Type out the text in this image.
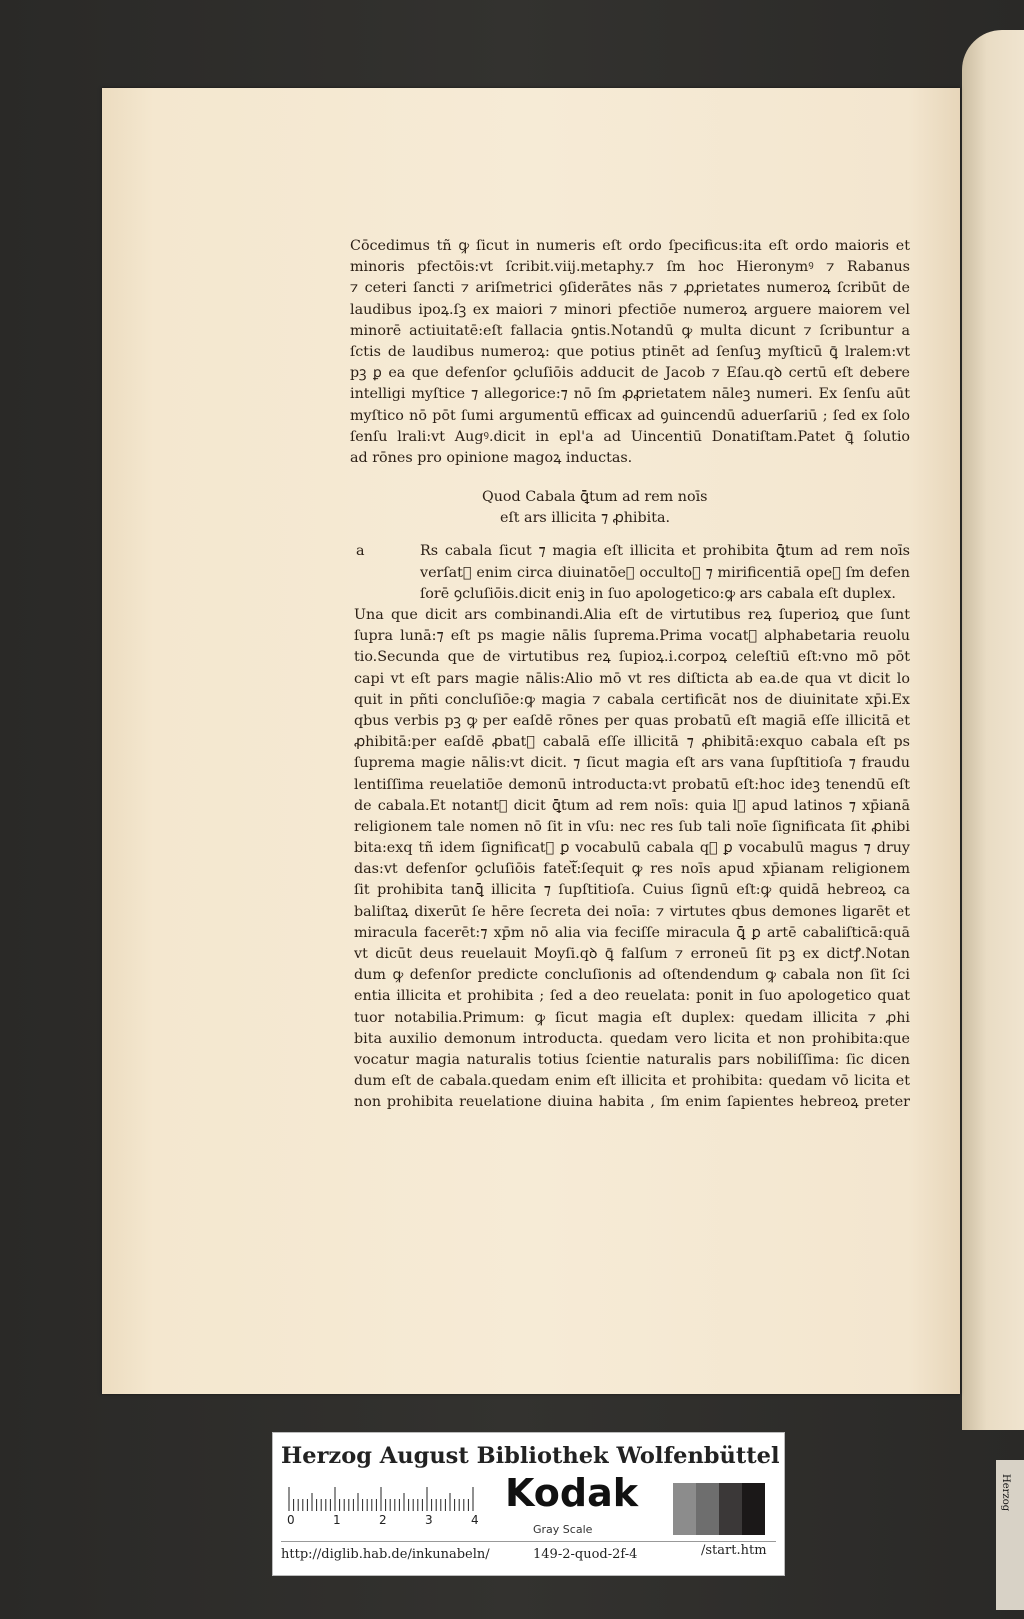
Cōcedimus tñ ꝙ ſicut in numeris eſt ordo ſpecificus:ita eſt ordo maioris et
minoris pfectōis:vt ſcribit.viij.metaphy.⁊ ſm hoc Hieronymꝰ ⁊ Rabanus
⁊ ceteri ſancti ⁊ ariſmetrici ꝯſiderātes nās ⁊ ꝓꝓrietates numeroꝝ ſcribūt de
laudibus ipoꝝ.ſꝫ ex maiori ⁊ minori pfectiōe numeroꝝ arguere maiorem vel
minorē actiuitatē:eſt fallacia ꝯntis.Notandū ꝙ multa dicunt ⁊ ſcribuntur a
ſctis de laudibus numeroꝝ: que potius ptinēt ad ſenſuꝫ myſticū ꝗ̄ lralem:vt
pꝫ ꝑ ea que defenſor ꝯcluſiōis adducit de Jacob ⁊ Eſau.qꝺ certū eſt debere
intelligi myſtice ⁊ allegorice:⁊ nō ſm ꝓꝓrietatem nāleꝫ numeri. Ex ſenſu aūt
myſtico nō pōt ſumi argumentū efficax ad ꝯuincendū aduerſariū ; ſed ex ſolo
ſenſu lrali:vt Augꝰ.dicit in epl'a ad Uincentiū Donatiſtam.Patet ꝗ̄ ſolutio
ad rōnes pro opinione magoꝝ inductas.
Quod Cabala ꝗ̄tum ad rem noīs
eſt ars illicita ⁊ ꝓhibita.
a	Rs cabala ſicut ⁊ magia eſt illicita et prohibita ꝗ̄tum ad rem noīs
verſatᷓ enim circa diuinatōeꝫ occultoꝝ ⁊ mirificentiā opeꝝ ſm defen
ſorē ꝯcluſiōis.dicit eniꝫ in ſuo apologetico:ꝙ ars cabala eſt duplex.
Una que dicit ars combinandi.Alia eſt de virtutibus reꝝ ſuperioꝝ que ſunt
ſupra lunā:⁊ eſt ps magie nālis ſuprema.Prima vocatᷓ alphabetaria reuolu
tio.Secunda que de virtutibus reꝝ ſupioꝝ.i.corpoꝝ celeſtiū eſt:vno mō pōt
capi vt eſt pars magie nālis:Alio mō vt res diſticta ab ea.de qua vt dicit lo
quit in pñti concluſiōe:ꝙ magia ⁊ cabala certificāt nos de diuinitate xp̄i.Ex
qbus verbis pꝫ ꝙ per eaſdē rōnes per quas probatū eſt magiā eſſe illicitā et
ꝓhibitā:per eaſdē ꝓbatᷓ cabalā eſſe illicitā ⁊ ꝓhibitā:exquo cabala eſt ps
ſuprema magie nālis:vt dicit. ⁊ ſicut magia eſt ars vana ſupſtitioſa ⁊ fraudu
lentiſſima reuelatiōe demonū introducta:vt probatū eſt:hoc ideꝫ tenendū eſt
de cabala.Et notantᷓ dicit ꝗ̄tum ad rem noīs: quia lꝫ apud latinos ⁊ xp̄ianā
religionem tale nomen nō ſit in vſu: nec res ſub tali noīe ſignificata ſit ꝓhibi
bita:exq tñ idem ſignificatᷓ ꝑ vocabulū cabala qꝺ ꝑ vocabulū magus ⁊ druy
das:vt defenſor ꝯcluſiōis fatetᷓ:ſequit ꝙ res noīs apud xp̄ianam religionem
ſit prohibita tanꝗ̄ illicita ⁊ ſupſtitioſa. Cuius ſignū eſt:ꝙ quidā hebreoꝝ ca
baliſtaꝝ dixerūt ſe hēre ſecreta dei noīa: ⁊ virtutes qbus demones ligarēt et
miracula facerēt:⁊ xp̄m nō alia via feciſſe miracula ꝗ̄ ꝑ artē cabaliſticā:quā
vt dicūt deus reuelauit Moyſi.qꝺ ꝗ̄ falſum ⁊ erroneū ſit pꝫ ex dictꝭ.Notan
dum ꝙ defenſor predicte concluſionis ad oſtendendum ꝙ cabala non ſit ſci
entia illicita et prohibita ; ſed a deo reuelata: ponit in ſuo apologetico quat
tuor notabilia.Primum: ꝙ ſicut magia eſt duplex: quedam illicita ⁊ ꝓhi
bita auxilio demonum introducta. quedam vero licita et non prohibita:que
vocatur magia naturalis totius ſcientie naturalis pars nobiliſſima: ſic dicen
dum eſt de cabala.quedam enim eſt illicita et prohibita: quedam vō licita et
non prohibita reuelatione diuina habita , ſm enim ſapientes hebreoꝝ preter
Herzog
Herzog August Bibliothek Wolfenbüttel
0	1	2	3	4
Kodak
Gray Scale
http://diglib.hab.de/inkunabeln/	149-2-quod-2f-4	/start.htm
